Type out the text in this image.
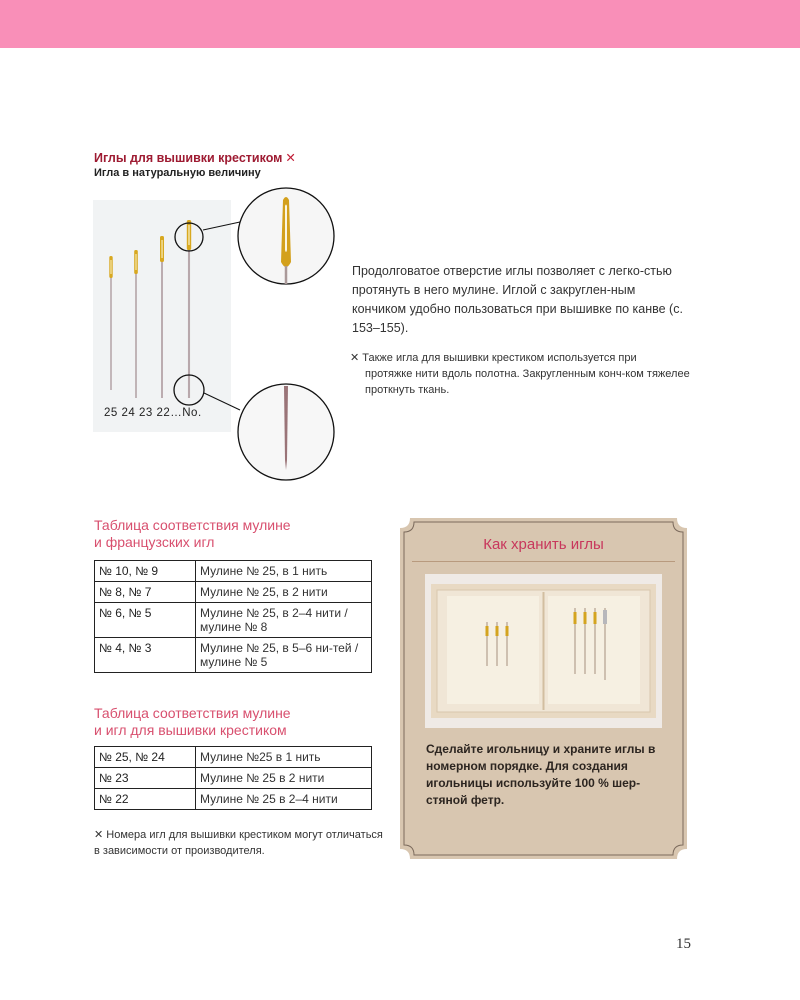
Иглы для вышивки крестиком ✕
Игла в натуральную величину
25 24 23 22…No.
Продолговатое отверстие иглы позволяет с легко-стью протянуть в него мулине. Иглой с закруглен-ным кончиком удобно пользоваться при вышивке по канве (с. 153–155).
✕ Также игла для вышивки крестиком используется при
протяжке нити вдоль полотна. Закругленным конч-ком тяжелее проткнуть ткань.
Таблица соответствия мулине
и французских игл
№ 10, № 9	Мулине № 25, в 1 нить
№ 8, № 7	Мулине № 25, в 2 нити
№ 6, № 5	Мулине № 25, в 2–4 нити / мулине № 8
№ 4, № 3	Мулине № 25, в 5–6 ни-тей / мулине № 5
Таблица соответствия мулине
и игл для вышивки крестиком
№ 25, № 24	Мулине №25 в 1 нить
№ 23	Мулине № 25 в 2 нити
№ 22	Мулине № 25 в 2–4 нити
✕ Номера игл для вышивки крестиком могут отличаться в зависимости от производителя.
Как хранить иглы
Сделайте игольницу и храните иглы в номерном порядке. Для создания игольницы используйте 100 % шер-стяной фетр.
15
